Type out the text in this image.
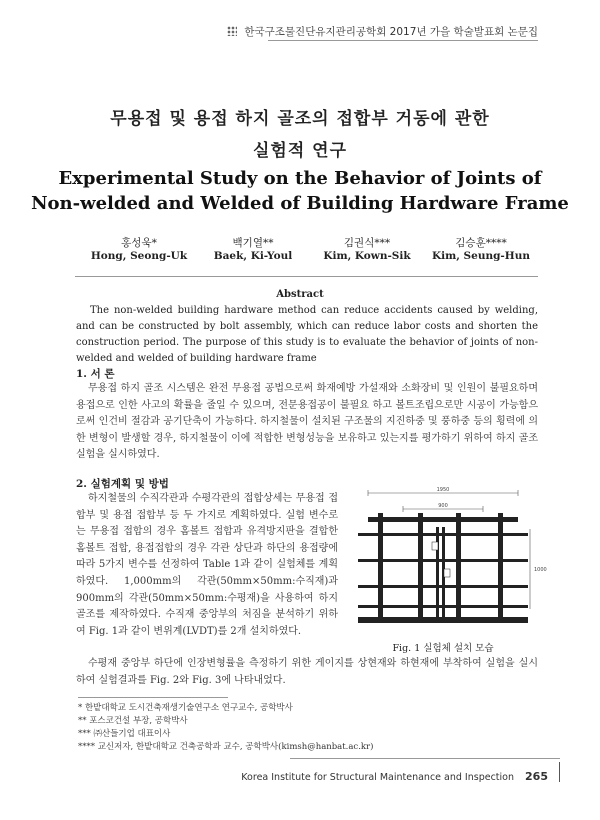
한국구조물진단유지관리공학회 2017년 가을 학술발표회 논문집
무용접 및 용접 하지 골조의 접합부 거동에 관한
실험적 연구
Experimental Study on the Behavior of Joints of
Non-welded and Welded of Building Hardware Frame
홍성욱*
Hong, Seong-Uk
백기열**
Baek, Ki-Youl
김권식***
Kim, Kown-Sik
김승훈****
Kim, Seung-Hun
Abstract
The non-welded building hardware method can reduce accidents caused by welding, and can be constructed by bolt assembly, which can reduce labor costs and shorten the construction period. The purpose of this study is to evaluate the behavior of joints of non-welded and welded of building hardware frame
1. 서 론

무용접 하지 골조 시스템은 완전 무용접 공법으로써 화재예방 가설재와 소화장비 및 인원이 불필요하며 용접으로 인한 사고의 확률을 줄일 수 있으며, 전문용접공이 불필요 하고 볼트조립으로만 시공이 가능함으로써 인건비 절감과 공기단축이 가능하다. 하지철물이 설치된 구조물의 지진하중 및 풍하중 등의 횡력에 의한 변형이 발생할 경우, 하지철물이 이에 적합한 변형성능을 보유하고 있는지를 평가하기 위하여 하지 골조 실험을 실시하였다.

2. 실험계획 및 방법

하지철물의 수직각관과 수평각관의 접합상세는 무용접 접합부 및 용접 접합부 등 두 가지로 계획하였다. 실험 변수로는 무용접 접합의 경우 홈볼트 접합과 유격방지판을 결합한 홈볼트 접합, 용접접합의 경우 각관 상단과 하단의 용접량에 따라 5가지 변수를 선정하여 Table 1과 같이 실험체를 계획하였다. 1,000mm의 각관(50mm×50mm:수직재)과 900mm의 각관(50mm×50mm:수평재)을 사용하여 하지골조를 제작하였다. 수직재 중앙부의 처짐을 분석하기 위하여 Fig. 1과 같이 변위계(LVDT)를 2개 설치하였다.

수평재 중앙부 하단에 인장변형률을 측정하기 위한 게이지를 상현재와 하현재에 부착하여 실험을 실시하여 실험결과를 Fig. 2와 Fig. 3에 나타내었다.

1950
900
1000
Fig. 1 실험체 설치 모습
* 한밭대학교 도시건축재생기술연구소 연구교수, 공학박사
** 포스코건설 부장, 공학박사
*** ㈜산들기업 대표이사
**** 교신저자, 한밭대학교 건축공학과 교수, 공학박사(kimsh@hanbat.ac.kr)
Korea Institute for Structural Maintenance and Inspection 265
